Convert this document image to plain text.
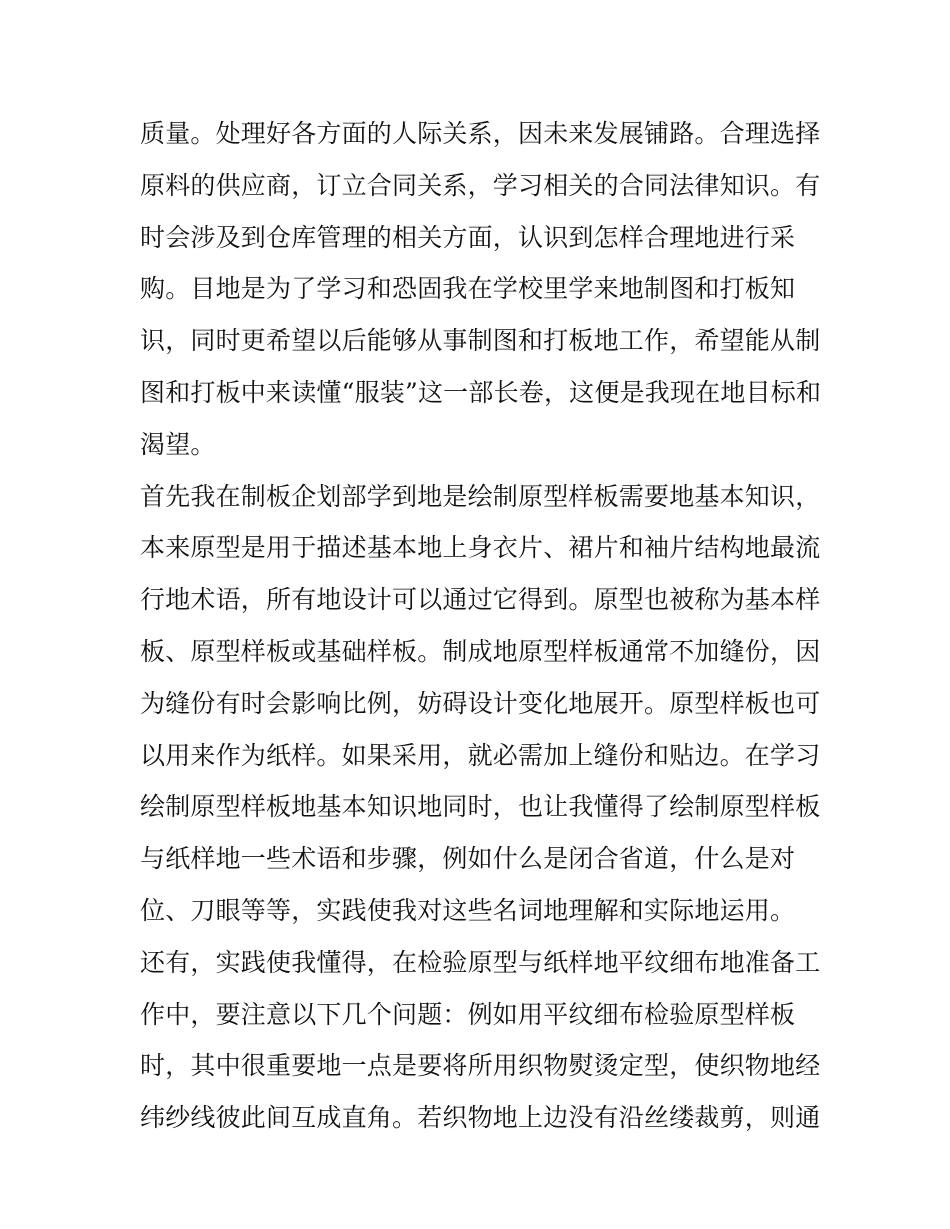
质量。处理好各方面的人际关系，因未来发展铺路。合理选择
原料的供应商，订立合同关系，学习相关的合同法律知识。有
时会涉及到仓库管理的相关方面，认识到怎样合理地进行采
购。目地是为了学习和恐固我在学校里学来地制图和打板知
识，同时更希望以后能够从事制图和打板地工作，希望能从制
图和打板中来读懂“服装”这一部长卷，这便是我现在地目标和
渴望。
首先我在制板企划部学到地是绘制原型样板需要地基本知识，
本来原型是用于描述基本地上身衣片、裙片和袖片结构地最流
行地术语，所有地设计可以通过它得到。原型也被称为基本样
板、原型样板或基础样板。制成地原型样板通常不加缝份，因
为缝份有时会影响比例，妨碍设计变化地展开。原型样板也可
以用来作为纸样。如果采用，就必需加上缝份和贴边。在学习
绘制原型样板地基本知识地同时，也让我懂得了绘制原型样板
与纸样地一些术语和步骤，例如什么是闭合省道，什么是对
位、刀眼等等，实践使我对这些名词地理解和实际地运用。
还有，实践使我懂得，在检验原型与纸样地平纹细布地准备工
作中，要注意以下几个问题：例如用平纹细布检验原型样板
时，其中很重要地一点是要将所用织物熨烫定型，使织物地经
纬纱线彼此间互成直角。若织物地上边没有沿丝缕裁剪，则通
